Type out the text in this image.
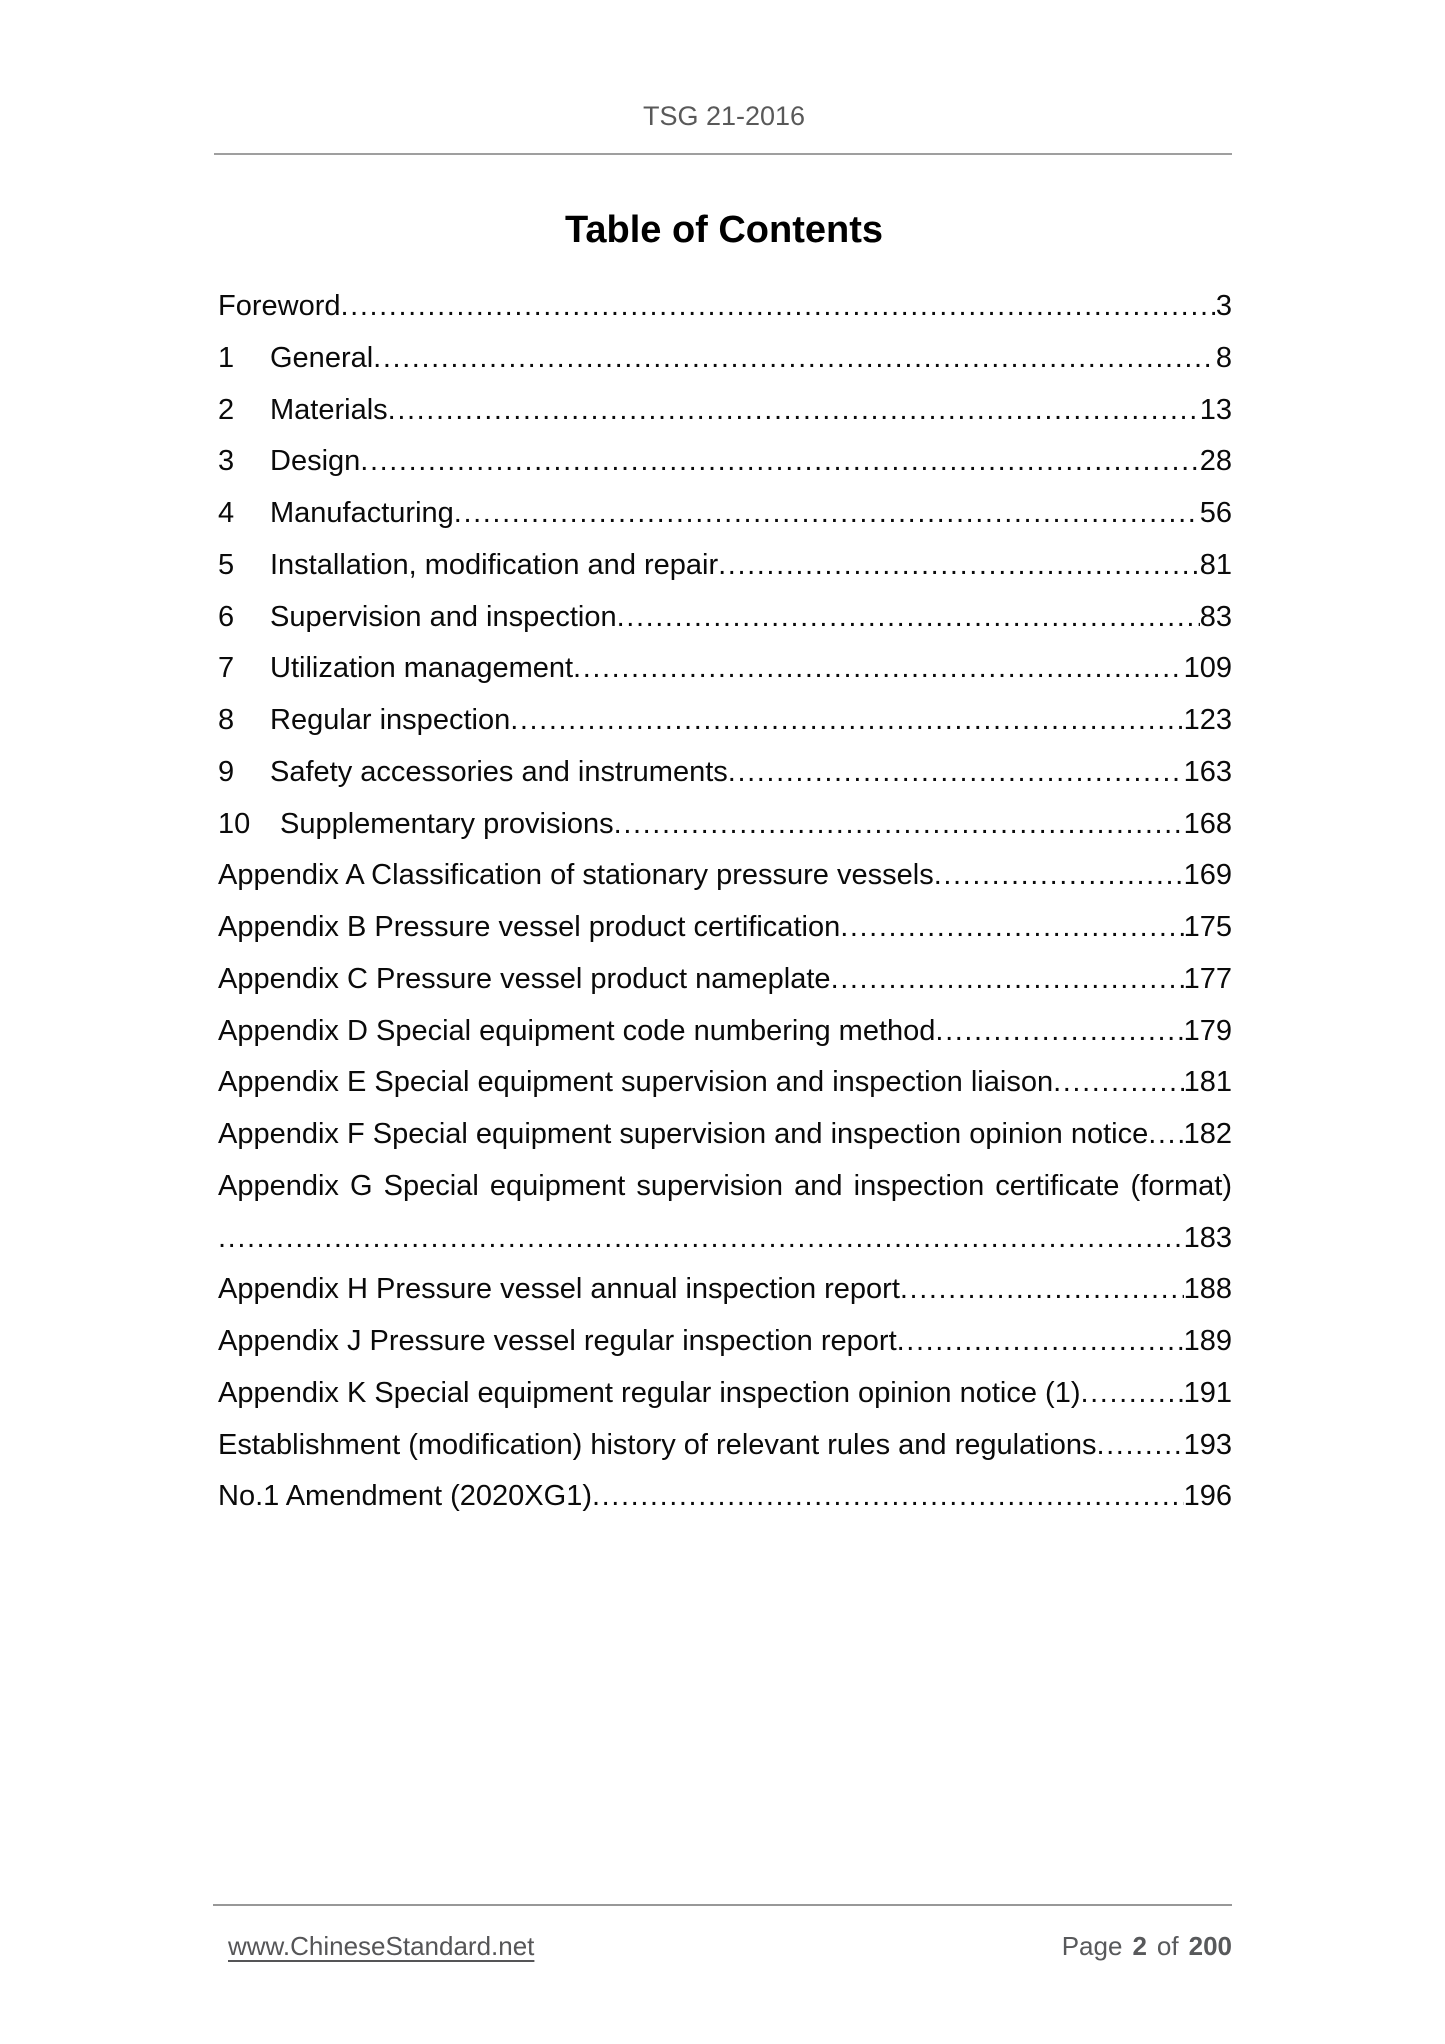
TSG 21-2016
Table of Contents
Foreword .....	3
1	General .....	8
2	Materials .....	13
3	Design .....	28
4	Manufacturing .....	56
5	Installation, modification and repair .....	81
6	Supervision and inspection .....	83
7	Utilization management .....	109
8	Regular inspection .....	123
9	Safety accessories and instruments .....	163
10	Supplementary provisions .....	168
Appendix A Classification of stationary pressure vessels .....	169
Appendix B Pressure vessel product certification .....	175
Appendix C Pressure vessel product nameplate .....	177
Appendix D Special equipment code numbering method .....	179
Appendix E Special equipment supervision and inspection liaison .....	181
Appendix F Special equipment supervision and inspection opinion notice ..... 182
Appendix G Special equipment supervision and inspection certificate (format)
.....
183
Appendix H Pressure vessel annual inspection report .....	188
Appendix J Pressure vessel regular inspection report .....	189
Appendix K Special equipment regular inspection opinion notice (1) .....	191
Establishment (modification) history of relevant rules and regulations .....	193
No.1 Amendment (2020XG1) .....	196
www.ChineseStandard.net	Page 2 of 200
